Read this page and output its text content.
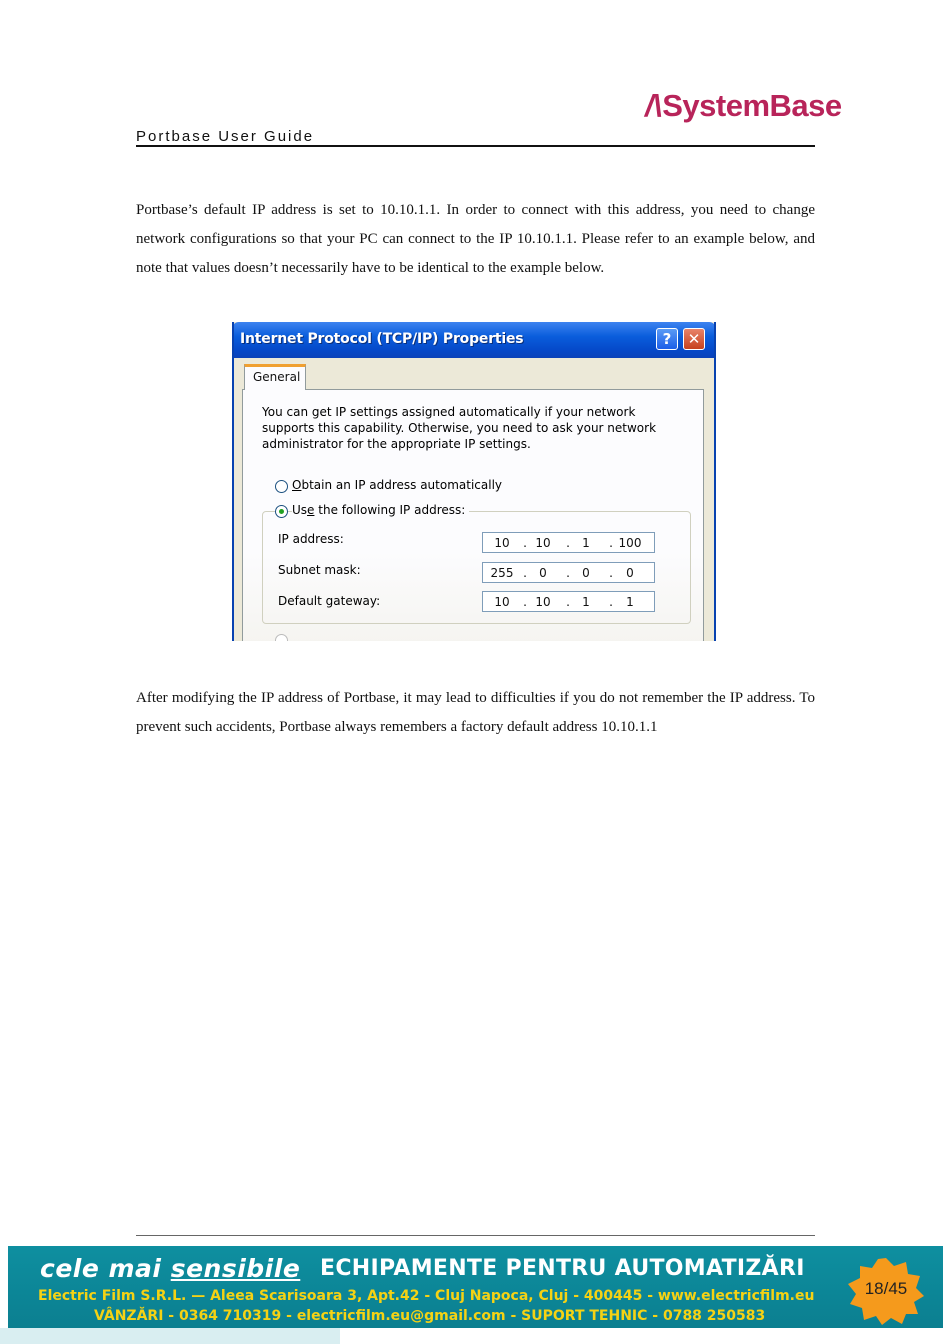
/\SystemBase
Portbase User Guide

Portbase’s default IP address is set to 10.10.1.1. In order to connect with this address, you need to change network configurations so that your PC can connect to the IP 10.10.1.1. Please refer to an example below, and note that values doesn’t necessarily have to be identical to the example below.

Internet Protocol (TCP/IP) Properties	?	✕
General
You can get IP settings assigned automatically if your network supports this capability. Otherwise, you need to ask your network administrator for the appropriate IP settings.
Obtain an IP address automatically
Use the following IP address:
IP address:	10	. 10	.	1	. 100
Subnet mask:	255 .	0	.	0	.	0
Default gateway:	10	. 10	.	1	.	1

After modifying the IP address of Portbase, it may lead to difficulties if you do not remember the IP address. To prevent such accidents, Portbase always remembers a factory default address 10.10.1.1

cele mai sensibile ECHIPAMENTE PENTRU AUTOMATIZĂRI
Electric Film S.R.L. — Aleea Scarisoara 3, Apt.42 - Cluj Napoca, Cluj - 400445 - www.electricfilm.eu
VÂNZĂRI - 0364 710319 - electricfilm.eu@gmail.com - SUPORT TEHNIC - 0788 250583
18/45
